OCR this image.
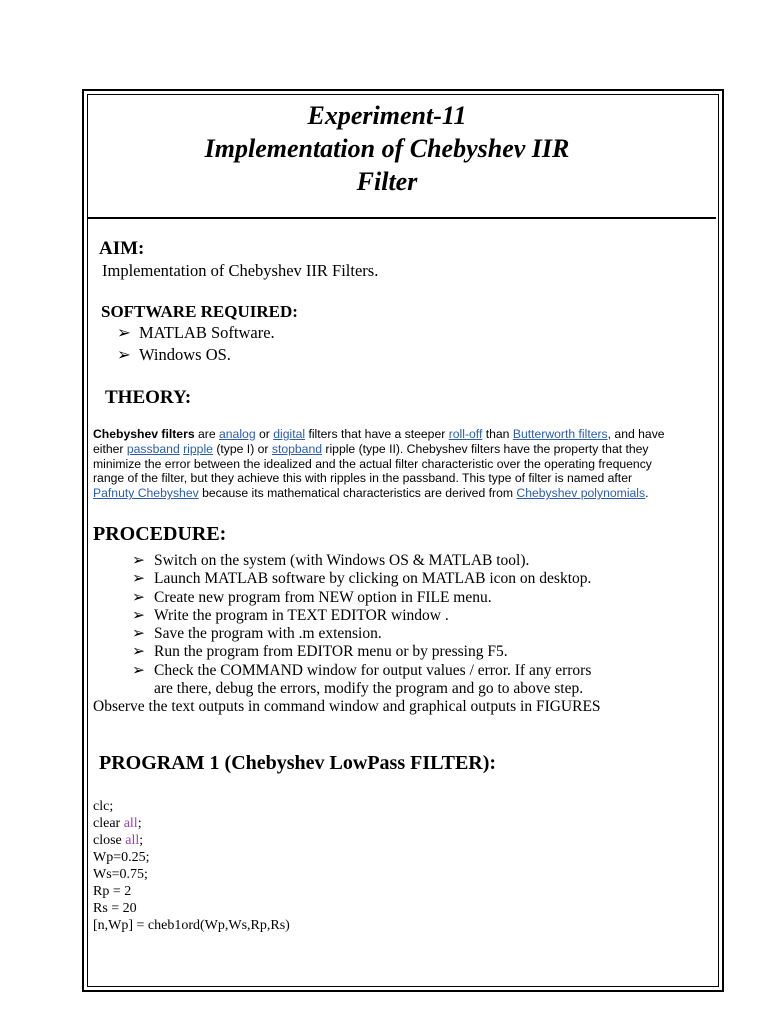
Experiment-11
Implementation of Chebyshev IIR
Filter
AIM:
Implementation of Chebyshev IIR Filters.
SOFTWARE REQUIRED:
➢ MATLAB Software.
➢ Windows OS.
THEORY:
Chebyshev filters are analog or digital filters that have a steeper roll-off than Butterworth filters, and have either passband ripple (type I) or stopband ripple (type II). Chebyshev filters have the property that they minimize the error between the idealized and the actual filter characteristic over the operating frequency range of the filter, but they achieve this with ripples in the passband. This type of filter is named after Pafnuty Chebyshev because its mathematical characteristics are derived from Chebyshev polynomials.
PROCEDURE:
➢ Switch on the system (with Windows OS & MATLAB tool).
➢ Launch MATLAB software by clicking on MATLAB icon on desktop.
➢ Create new program from NEW option in FILE menu.
➢ Write the program in TEXT EDITOR window .
➢ Save the program with .m extension.
➢ Run the program from EDITOR menu or by pressing F5.
➢ Check the COMMAND window for output values / error. If any errors
are there, debug the errors, modify the program and go to above step.
Observe the text outputs in command window and graphical outputs in FIGURES
PROGRAM 1 (Chebyshev LowPass FILTER):
clc;
clear all;
close all;
Wp=0.25;
Ws=0.75;
Rp = 2
Rs = 20
[n,Wp] = cheb1ord(Wp,Ws,Rp,Rs)
